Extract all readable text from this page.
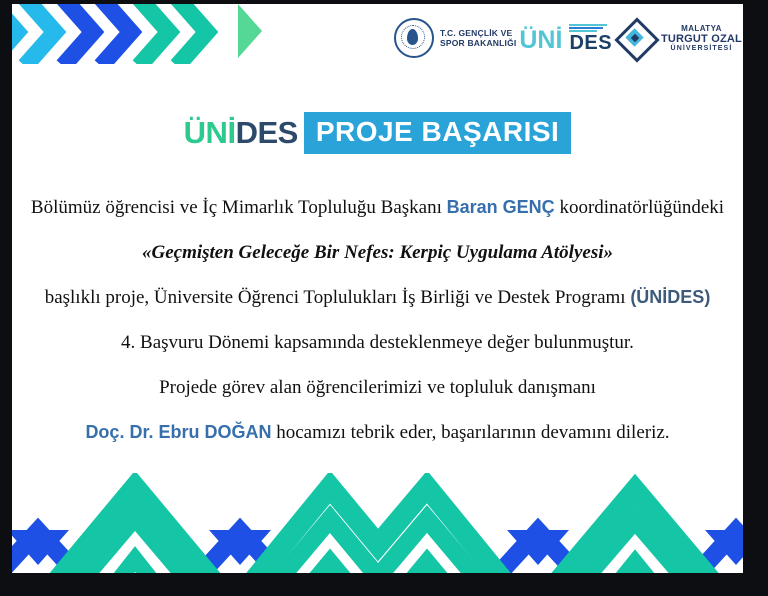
T.C. GENÇLİK VE
SPOR BAKANLIĞI ÜNİ DES
MALATYA
TURGUT OZAL
ÜNİVERSİTESİ
ÜNİDES PROJE BAŞARISI
Bölümüz öğrencisi ve İç Mimarlık Topluluğu Başkanı Baran GENÇ koordinatörlüğündeki
«Geçmişten Geleceğe Bir Nefes: Kerpiç Uygulama Atölyesi»
başlıklı proje, Üniversite Öğrenci Toplulukları İş Birliği ve Destek Programı (ÜNİDES)
4. Başvuru Dönemi kapsamında desteklenmeye değer bulunmuştur.
Projede görev alan öğrencilerimizi ve topluluk danışmanı
Doç. Dr. Ebru DOĞAN hocamızı tebrik eder, başarılarının devamını dileriz.
